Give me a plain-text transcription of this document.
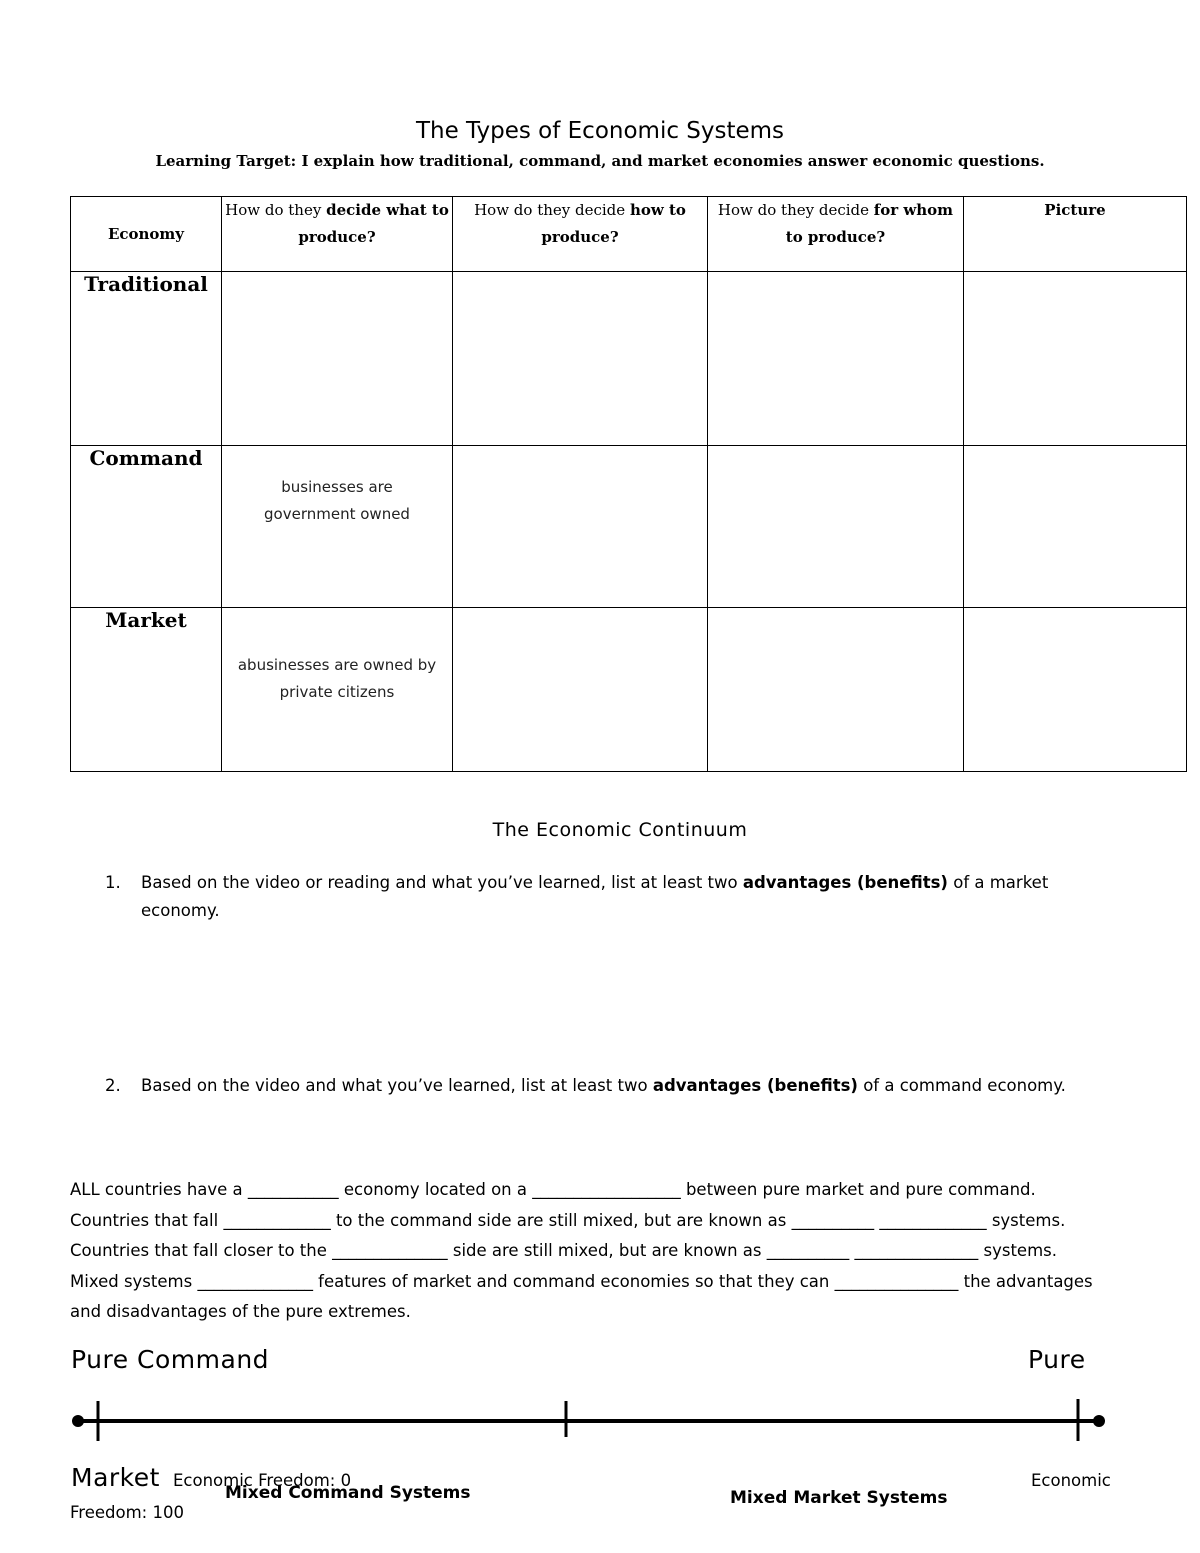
The Types of Economic Systems
Learning Target: I explain how traditional, command, and market economies answer economic questions.
Economy	How do they decide what to produce?	How do they decide how to produce?	How do they decide for whom to produce?	Picture
Traditional				
Command	businesses are government owned			

Market	abusinesses are owned by private citizens			

The Economic Continuum
1. Based on the video or reading and what you’ve learned, list at least two advantages (benefits) of a market economy.
2. Based on the video and what you’ve learned, list at least two advantages (benefits) of a command economy.
ALL countries have a ___________ economy located on a __________________ between pure market and pure command. Countries that fall _____________ to the command side are still mixed, but are known as __________ _____________ systems. Countries that fall closer to the ______________ side are still mixed, but are known as __________ _______________ systems. Mixed systems ______________ features of market and command economies so that they can _______________ the advantages and disadvantages of the pure extremes.
Pure Command	Pure
Market Economic Freedom: 0
Mixed Command Systems
Freedom: 100
Mixed Market Systems
Economic
